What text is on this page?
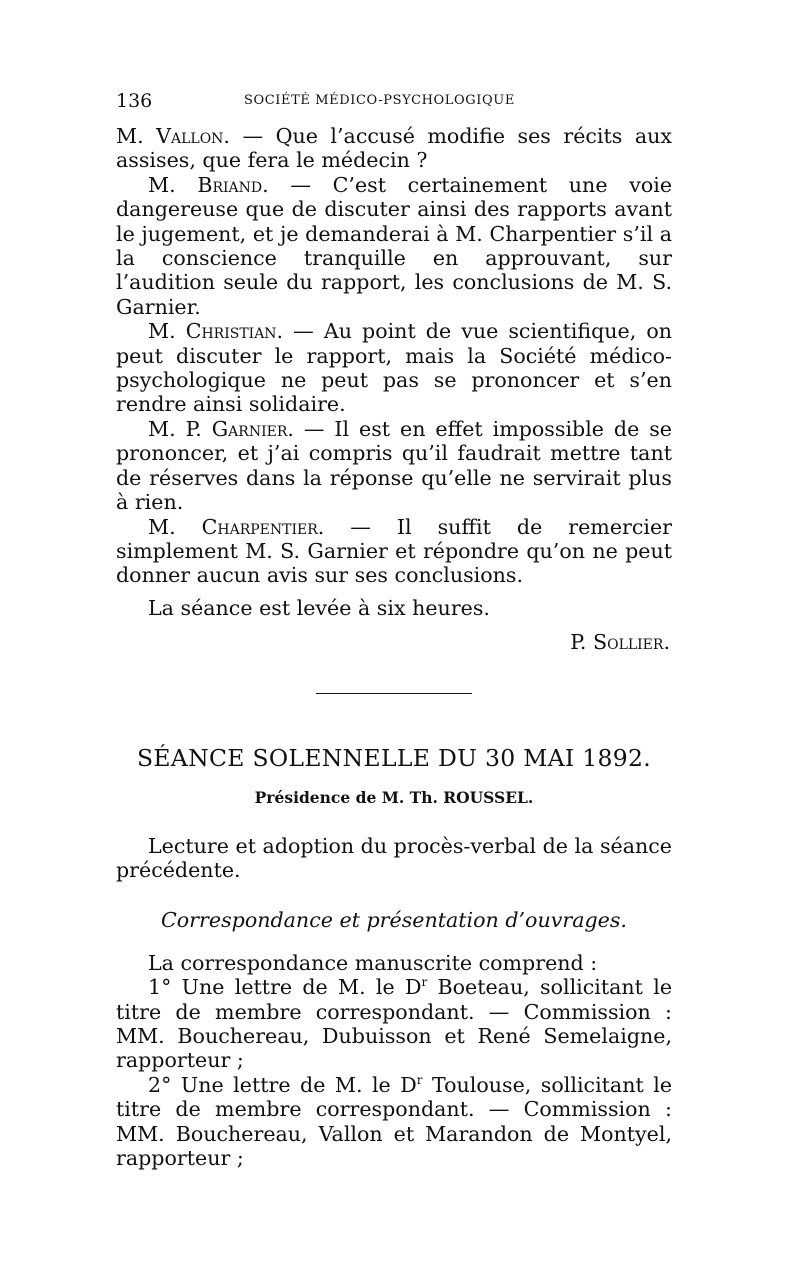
136	SOCIÉTÉ MÉDICO-PSYCHOLOGIQUE

M. Vallon. — Que l’accusé modifie ses récits aux assises, que fera le médecin ?

M. Briand. — C’est certainement une voie dangereuse que de discuter ainsi des rapports avant le jugement, et je demanderai à M. Charpentier s’il a la conscience tranquille en approuvant, sur l’audition seule du rapport, les conclusions de M. S. Garnier.

M. Christian. — Au point de vue scientifique, on peut discuter le rapport, mais la Société médico-psychologique ne peut pas se prononcer et s’en rendre ainsi solidaire.

M. P. Garnier. — Il est en effet impossible de se prononcer, et j’ai compris qu’il faudrait mettre tant de réserves dans la réponse qu’elle ne servirait plus à rien.

M. Charpentier. — Il suffit de remercier simplement M. S. Garnier et répondre qu’on ne peut donner aucun avis sur ses conclusions.

La séance est levée à six heures.

P. Sollier.

SÉANCE SOLENNELLE DU 30 MAI 1892.
Présidence de M. Th. ROUSSEL.

Lecture et adoption du procès-verbal de la séance précédente.

Correspondance et présentation d’ouvrages.

La correspondance manuscrite comprend :

1° Une lettre de M. le $D^r$ Boeteau, sollicitant le titre de membre correspondant. — Commission : MM. Bouchereau, Dubuisson et René Semelaigne, rapporteur ;

2° Une lettre de M. le $D^r$ Toulouse, sollicitant le titre de membre correspondant. — Commission : MM. Bouchereau, Vallon et Marandon de Montyel, rapporteur ;
